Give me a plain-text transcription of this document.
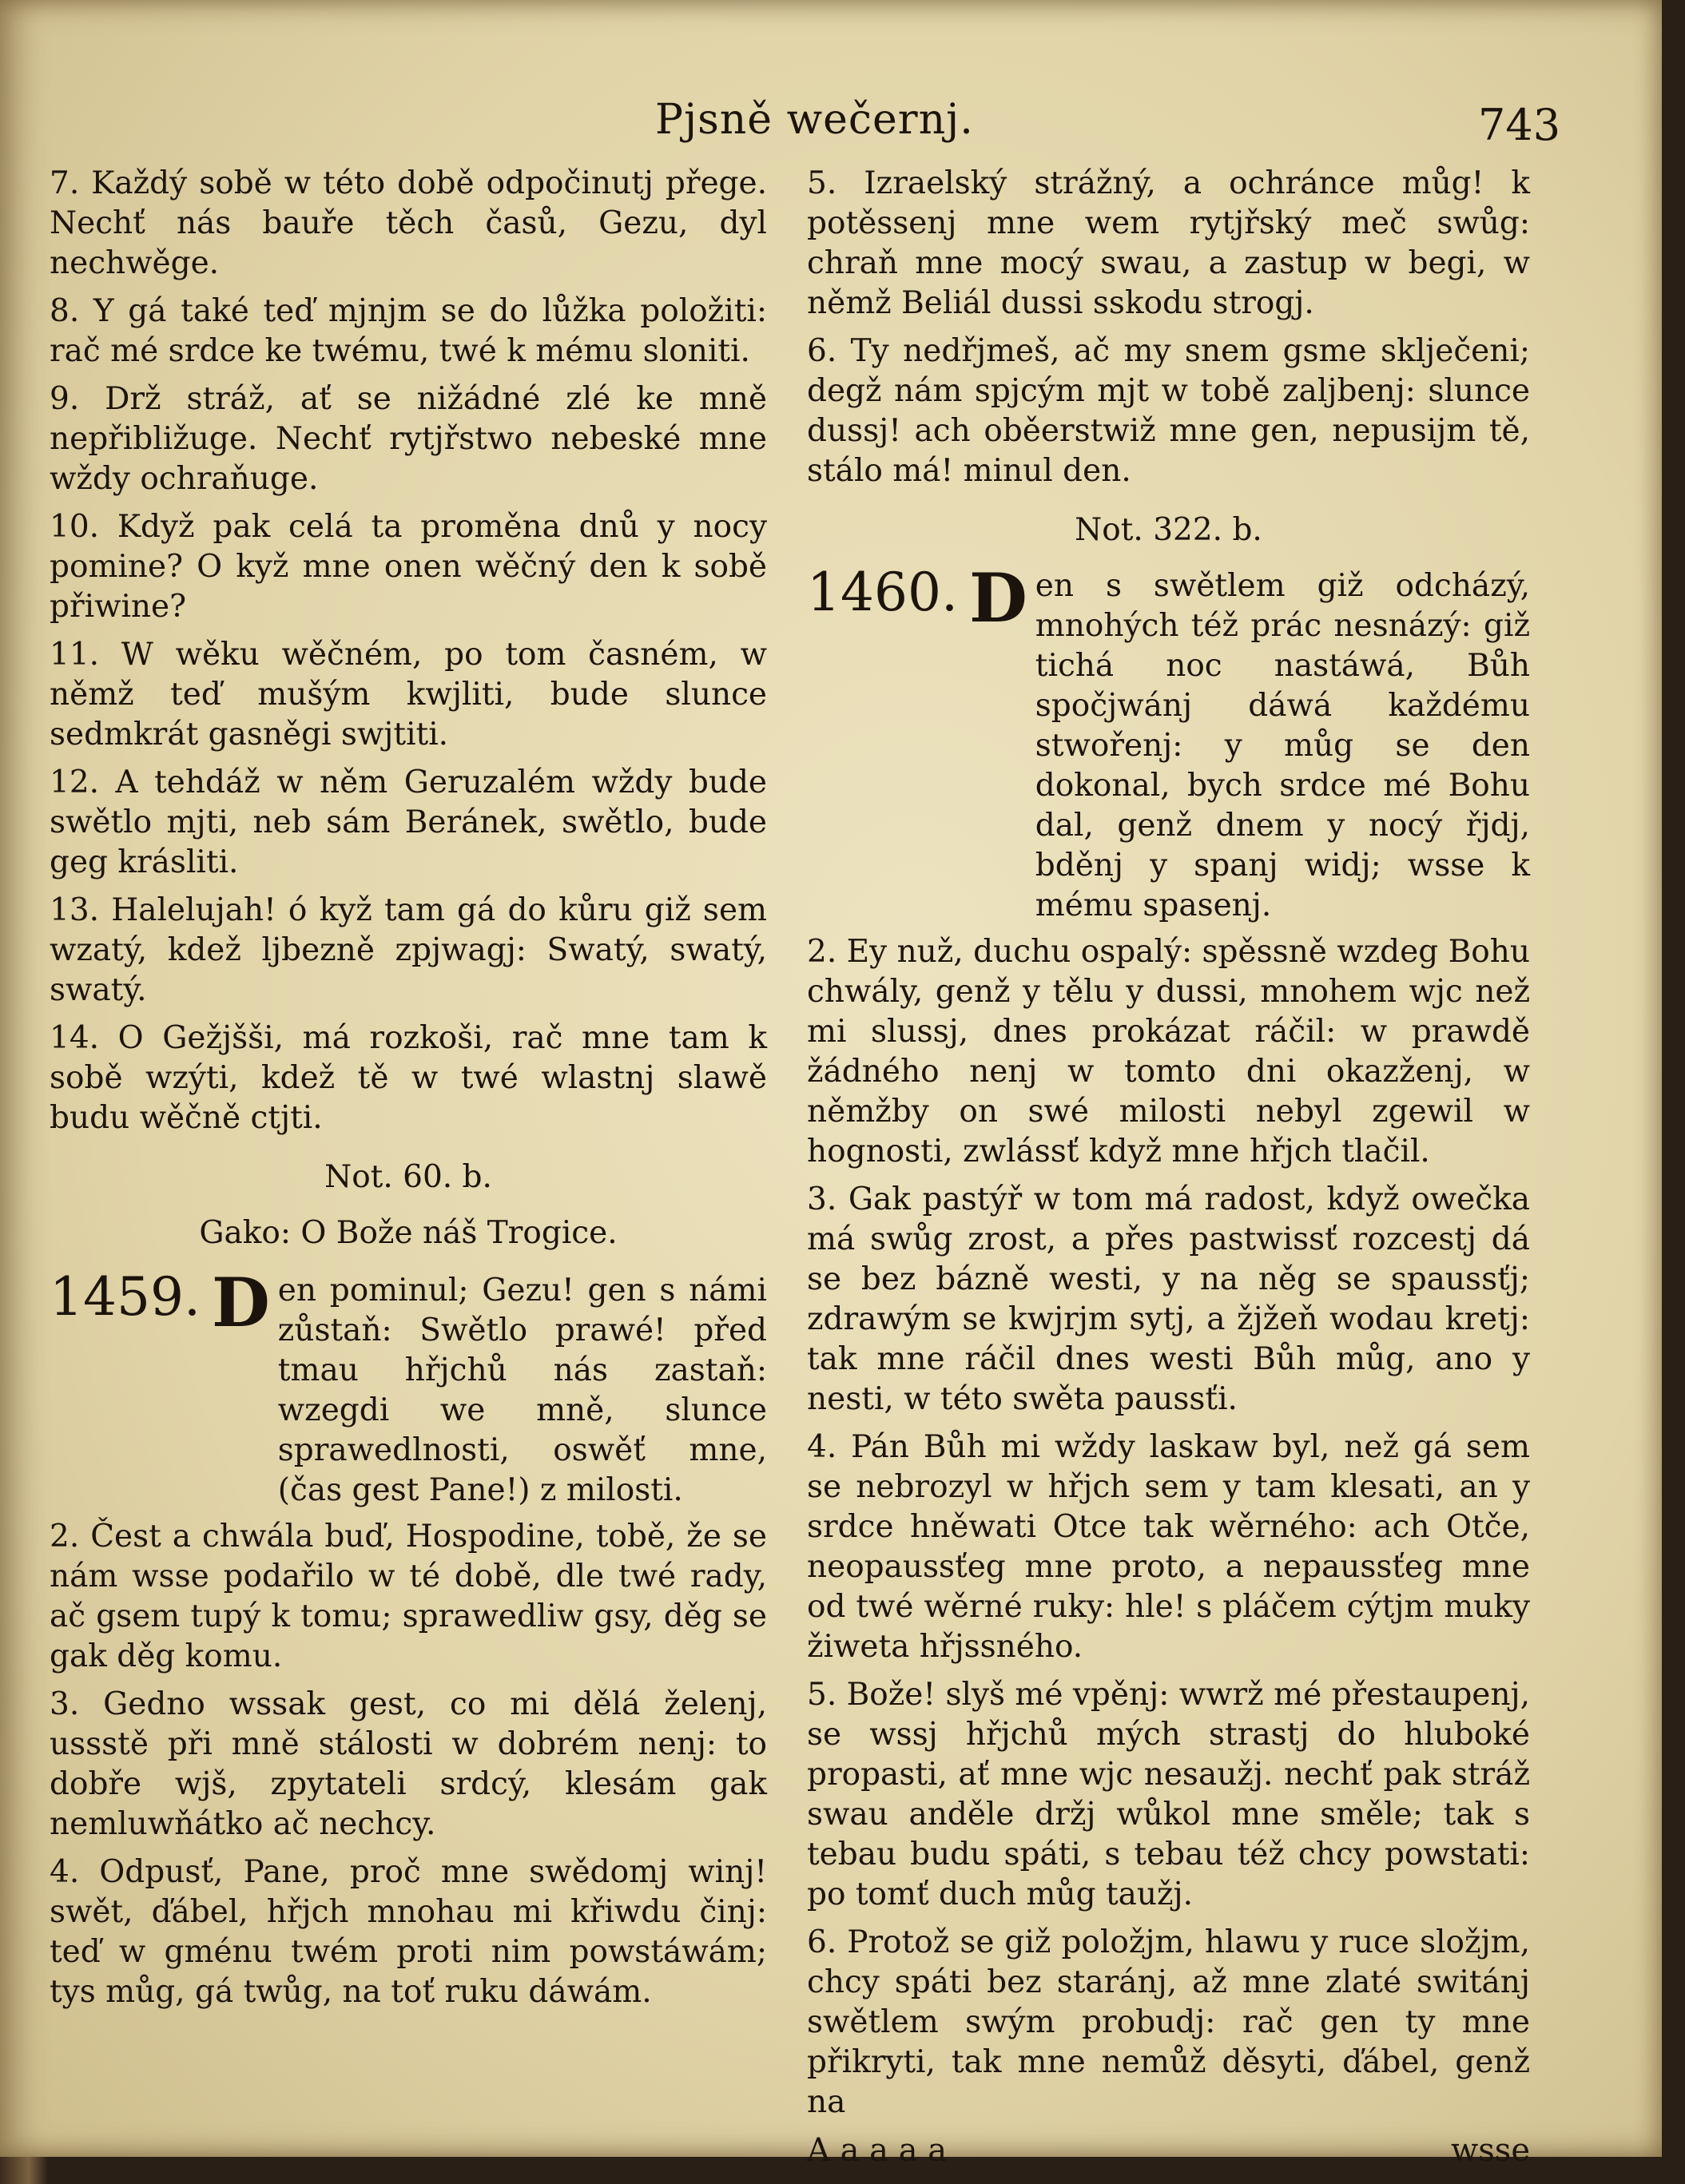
Pjsně wečernj.	743

7. Každý sobě w této době odpočinutj přege. Nechť nás bauře těch časů, Gezu, dyl nechwěge.

8. Y gá také teď mjnjm se do lůžka položiti: rač mé srdce ke twému, twé k mému sloniti.

9. Drž stráž, ať se nižádné zlé ke mně nepřibližuge. Nechť rytjřstwo nebeské mne wždy ochraňuge.

10. Když pak celá ta proměna dnů y nocy pomine? O kyž mne onen wěčný den k sobě přiwine?

11. W wěku wěčném, po tom časném, w němž teď mušým kwjliti, bude slunce sedmkrát gasněgi swjtiti.

12. A tehdáž w něm Geruzalém wždy bude swětlo mjti, neb sám Beránek, swětlo, bude geg krásliti.

13. Halelujah! ó kyž tam gá do kůru giž sem wzatý, kdež ljbezně zpjwagj: Swatý, swatý, swatý.

14. O Gežjšši, má rozkoši, rač mne tam k sobě wzýti, kdež tě w twé wlastnj slawě budu wěčně ctjti.

Not. 60. b.

Gako: O Bože náš Trogice.

1459. D en pominul; Gezu! gen s námi zůstaň: Swětlo prawé! před tmau hřjchů nás zastaň: wzegdi we mně, slunce sprawedlnosti, oswěť mne, (čas gest Pane!) z milosti.

2. Čest a chwála buď, Hospodine, tobě, že se nám wsse podařilo w té době, dle twé rady, ač gsem tupý k tomu; sprawedliw gsy, děg se gak děg komu.

3. Gedno wssak gest, co mi dělá želenj, ussstě při mně stálosti w dobrém nenj: to dobře wjš, zpytateli srdcý, klesám gak nemluwňátko ač nechcy.

4. Odpusť, Pane, proč mne swědomj winj! swět, ďábel, hřjch mnohau mi křiwdu činj: teď w gménu twém proti nim powstáwám; tys můg, gá twůg, na toť ruku dáwám.

5. Izraelský strážný, a ochránce můg! k potěssenj mne wem rytjřský meč swůg: chraň mne mocý swau, a zastup w begi, w němž Beliál dussi sskodu strogj.

6. Ty nedřjmeš, ač my snem gsme sklječeni; degž nám spjcým mjt w tobě zaljbenj: slunce dussj! ach oběerstwiž mne gen, nepusijm tě, stálo má! minul den.

Not. 322. b.

1460. D en s swětlem giž odcházý, mnohých též prác nesnázý: giž tichá noc nastáwá, Bůh spočjwánj dáwá každému stwořenj: y můg se den dokonal, bych srdce mé Bohu dal, genž dnem y nocý řjdj, bděnj y spanj widj; wsse k mému spasenj.

2. Ey nuž, duchu ospalý: spěssně wzdeg Bohu chwály, genž y tělu y dussi, mnohem wjc než mi slussj, dnes prokázat ráčil: w prawdě žádného nenj w tomto dni okazženj, w němžby on swé milosti nebyl zgewil w hognosti, zwlássť když mne hřjch tlačil.

3. Gak pastýř w tom má radost, když owečka má swůg zrost, a přes pastwissť rozcestj dá se bez bázně westi, y na něg se spaussťj; zdrawým se kwjrjm sytj, a žjžeň wodau kretj: tak mne ráčil dnes westi Bůh můg, ano y nesti, w této swěta paussťi.

4. Pán Bůh mi wždy laskaw byl, než gá sem se nebrozyl w hřjch sem y tam klesati, an y srdce hněwati Otce tak wěrného: ach Otče, neopaussťeg mne proto, a nepaussťeg mne od twé wěrné ruky: hle! s pláčem cýtjm muky žiweta hřjssného.

5. Bože! slyš mé vpěnj: wwrž mé přestaupenj, se wssj hřjchů mých strastj do hluboké propasti, ať mne wjc nesaužj. nechť pak stráž swau anděle držj wůkol mne směle; tak s tebau budu spáti, s tebau též chcy powstati: po tomť duch můg taužj.

6. Protož se giž položjm, hlawu y ruce složjm, chcy spáti bez staránj, až mne zlaté switánj swětlem swým probudj: rač gen ty mne přikryti, tak mne nemůž děsyti, ďábel, genž na

A a a a a	wsse
